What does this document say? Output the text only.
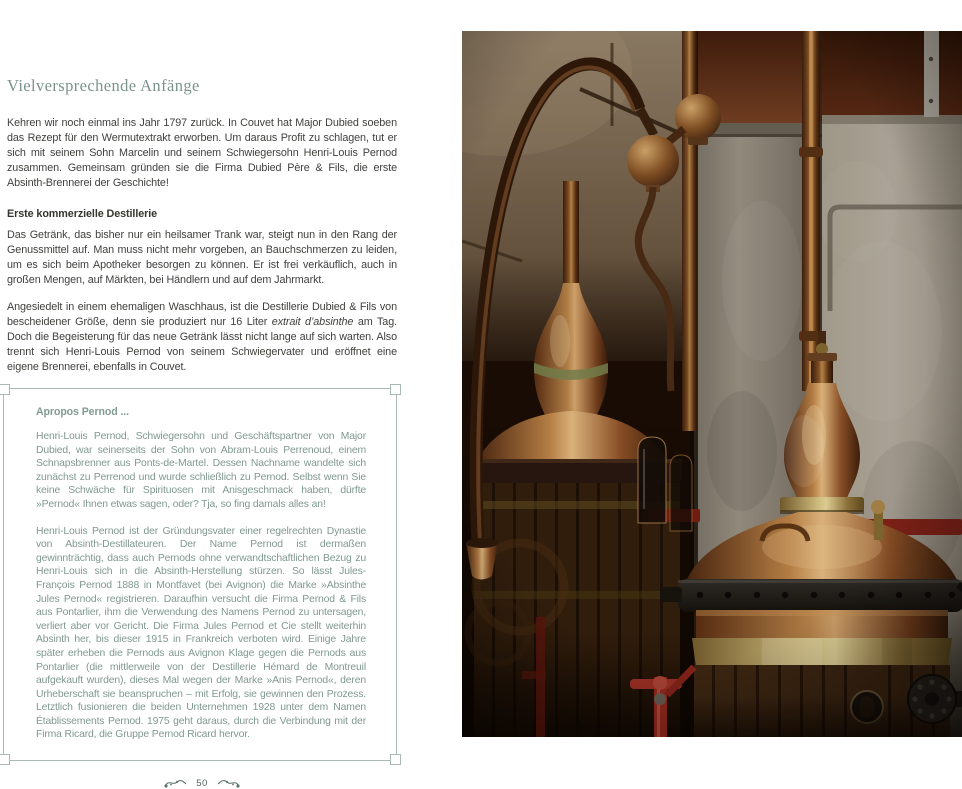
Vielversprechende Anfänge

Kehren wir noch einmal ins Jahr 1797 zurück. In Couvet hat Major Dubied soeben das Rezept für den Wermutextrakt erworben. Um daraus Profit zu schlagen, tut er sich mit seinem Sohn Marcelin und seinem Schwiegersohn Henri-Louis Pernod zusammen. Gemeinsam gründen sie die Firma Dubied Père & Fils, die erste Absinth-Brennerei der Geschichte!

Erste kommerzielle Destillerie

Das Getränk, das bisher nur ein heilsamer Trank war, steigt nun in den Rang der Genussmittel auf. Man muss nicht mehr vorgeben, an Bauchschmerzen zu leiden, um es sich beim Apotheker besorgen zu können. Er ist frei verkäuflich, auch in großen Mengen, auf Märkten, bei Händlern und auf dem Jahrmarkt.

Angesiedelt in einem ehemaligen Waschhaus, ist die Destillerie Dubied & Fils von bescheidener Größe, denn sie produziert nur 16 Liter extrait d’absinthe am Tag. Doch die Begeisterung für das neue Getränk lässt nicht lange auf sich warten. Also trennt sich Henri-Louis Pernod von seinem Schwiegervater und eröffnet eine eigene Brennerei, ebenfalls in Couvet.

Apropos Pernod ...

Henri-Louis Pernod, Schwiegersohn und Geschäftspartner von Major Dubied, war seinerseits der Sohn von Abram-Louis Perrenoud, einem Schnapsbrenner aus Ponts-de-Martel. Dessen Nachname wandelte sich zunächst zu Perrenod und wurde schließlich zu Pernod. Selbst wenn Sie keine Schwäche für Spirituosen mit Anisgeschmack haben, dürfte »Pernod« Ihnen etwas sagen, oder? Tja, so fing damals alles an!

Henri-Louis Pernod ist der Gründungsvater einer regelrechten Dynastie von Absinth-Destillateuren. Der Name Pernod ist dermaßen gewinnträchtig, dass auch Pernods ohne verwandtschaftlichen Bezug zu Henri-Louis sich in die Absinth-Herstellung stürzen. So lässt Jules-François Pernod 1888 in Montfavet (bei Avignon) die Marke »Absinthe Jules Pernod« registrieren. Daraufhin versucht die Firma Pernod & Fils aus Pontarlier, ihm die Verwendung des Namens Pernod zu untersagen, verliert aber vor Gericht. Die Firma Jules Pernod et Cie stellt weiterhin Absinth her, bis dieser 1915 in Frankreich verboten wird. Einige Jahre später erheben die Pernods aus Avignon Klage gegen die Pernods aus Pontarlier (die mittlerweile von der Destillerie Hémard de Montreuil aufgekauft wurden), dieses Mal wegen der Marke »Anis Pernod«, deren Urheberschaft sie beanspruchen – mit Erfolg, sie gewinnen den Prozess. Letztlich fusionieren die beiden Unternehmen 1928 unter dem Namen Établissements Pernod. 1975 geht daraus, durch die Verbindung mit der Firma Ricard, die Gruppe Pernod Ricard hervor.

50
